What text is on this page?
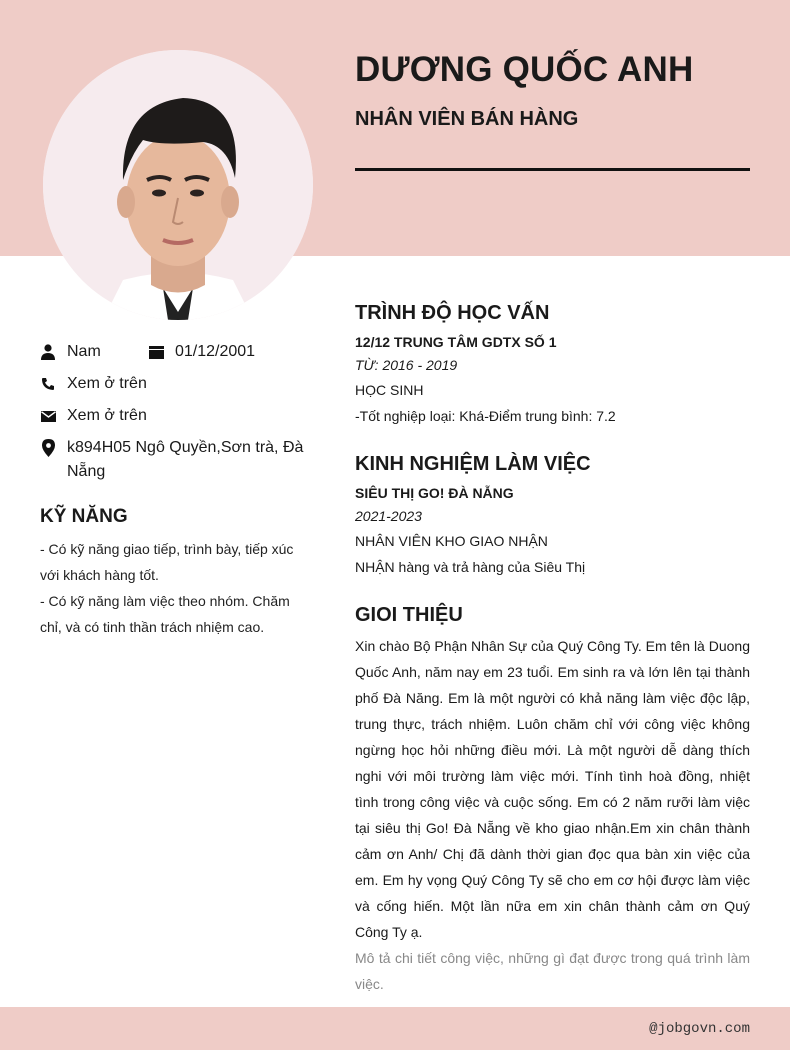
DƯƠNG QUỐC ANH
NHÂN VIÊN BÁN HÀNG
Nam	01/12/2001
Xem ở trên
Xem ở trên
k894H05 Ngô Quyền,Sơn trà, Đà Nẵng
KỸ NĂNG
- Có kỹ năng giao tiếp, trình bày, tiếp xúc với khách hàng tốt.
- Có kỹ năng làm việc theo nhóm. Chăm chỉ, và có tinh thần trách nhiệm cao.
TRÌNH ĐỘ HỌC VẤN
12/12 TRUNG TÂM GDTX SỐ 1
TỪ: 2016 - 2019
HỌC SINH
-Tốt nghiệp loại: Khá-Điểm trung bình: 7.2
KINH NGHIỆM LÀM VIỆC
SIÊU THỊ GO! ĐÀ NẴNG
2021-2023
NHÂN VIÊN KHO GIAO NHẬN
NHẬN hàng và trả hàng của Siêu Thị
GIOI THIỆU
Xin chào Bộ Phận Nhân Sự của Quý Công Ty. Em tên là Duong Quốc Anh, năm nay em 23 tuổi. Em sinh ra và lớn lên tại thành phố Đà Năng. Em là một người có khả năng làm việc độc lập, trung thực, trách nhiệm. Luôn chăm chỉ với công việc không ngừng học hỏi những điều mới. Là một người dễ dàng thích nghi với môi trường làm việc mới. Tính tình hoà đồng, nhiệt tình trong công việc và cuộc sống. Em có 2 năm rưỡi làm việc tại siêu thị Go! Đà Nẵng về kho giao nhận.Em xin chân thành cảm ơn Anh/ Chị đã dành thời gian đọc qua bàn xin việc của em. Em hy vọng Quý Công Ty sẽ cho em cơ hội được làm việc và cống hiến. Một lần nữa em xin chân thành cảm ơn Quý Công Ty ạ.
Mô tả chi tiết công việc, những gì đạt được trong quá trình làm việc.
@jobgovn.com
